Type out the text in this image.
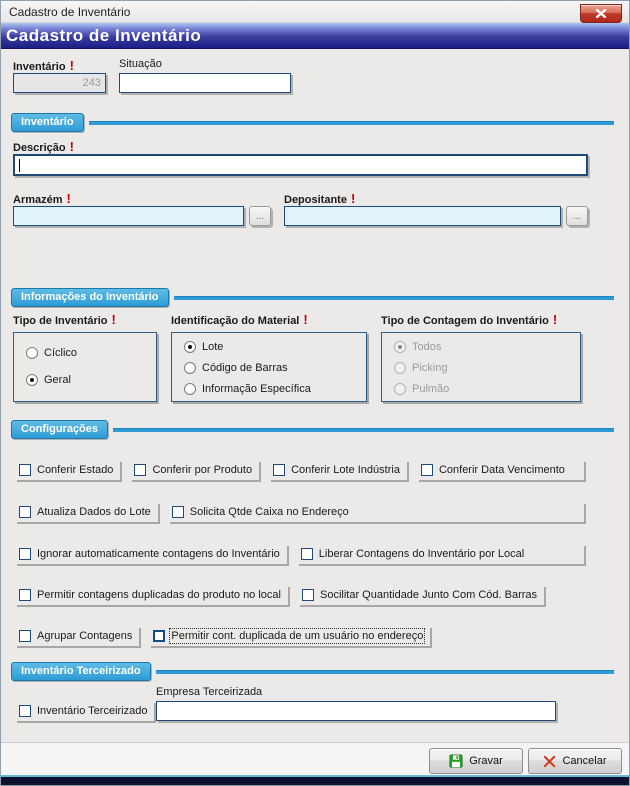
Cadastro de Inventário
Cadastro de Inventário
Inventário !	Situação
243
Inventário
Descrição !
Armazém !
...
Depositante !
...
Informações do Inventário
Tipo de Inventário !	Identificação do Material !	Tipo de Contagem do Inventário !
Cíclico
Geral
Lote
Código de Barras
Informação Específica
Todos
Picking
Pulmão
Configurações
Conferir Estado	Conferir por Produto	Conferir Lote Indústria	Conferir Data Vencimento
Atualiza Dados do Lote	Solicita Qtde Caixa no Endereço
Ignorar automaticamente contagens do Inventário	Liberar Contagens do Inventário por Local
Permitir contagens duplicadas do produto no local	Socilitar Quantidade Junto Com Cód. Barras
Agrupar Contagens	Permitir cont. duplicada de um usuário no endereço
Inventário Terceirizado
Empresa Terceirizada
Inventário Terceirizado
Gravar	Cancelar
